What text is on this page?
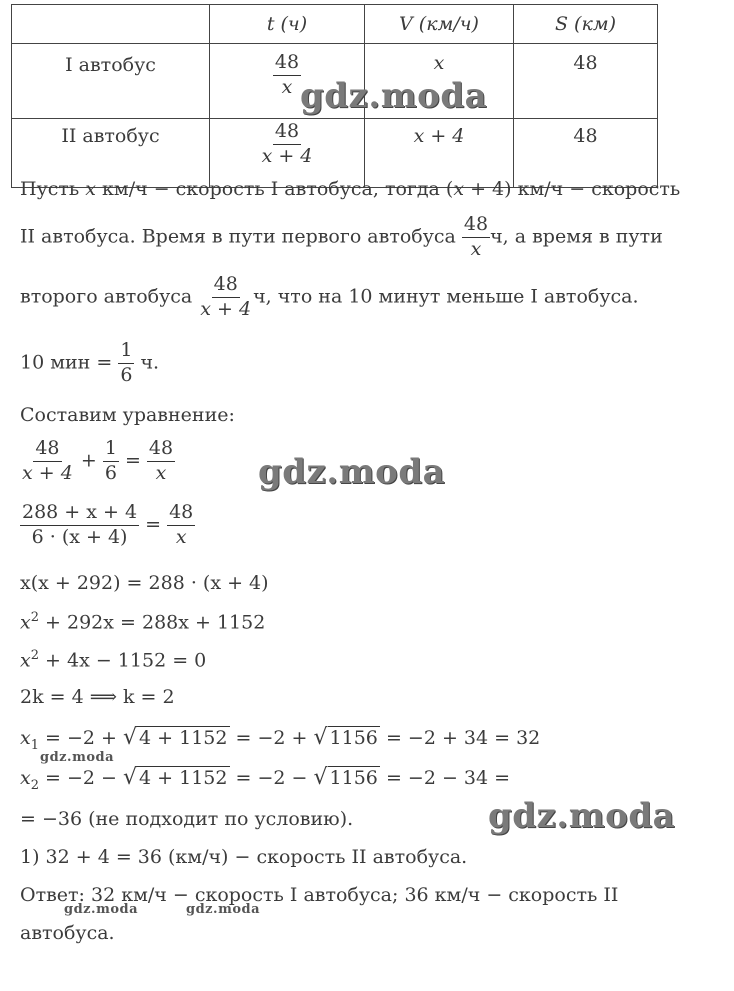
	t (ч)	V (км/ч)	S (км)
I автобус	$\frac{48}{x}$	x	48
II автобус	$\frac{48}{x + 4}$	x + 4	48
Пусть x км/ч − скорость I автобуса, тогда (x + 4) км/ч − скорость
II автобуса. Время в пути первого автобуса $\frac{48}{x} ч$, а время в пути
второго автобуса $\frac{48}{x + 4} ч$, что на 10 минут меньше I автобуса.
10 мин = $\frac{1}{6} ч$.
Составим уравнение:
$\frac{48}{x + 4} + \frac{1}{6} = \frac{48}{x}$
$\frac{288 + x + 4}{6 \cdot (x + 4)} = \frac{48}{x}$
x(x + 292) = 288 · (x + 4)
$x^2 + 292x = 288x + 1152$
$x^2 + 4x - 1152 = 0$
2k = 4 ⟹ k = 2
$x_1 = -2$ + √ 4 + 1152 = −2 + √ 1156 = −2 + 34 = 32
$x_2 = -2$ − √ 4 + 1152 = −2 − √ 1156 = −2 − 34 =
= −36 (не подходит по условию).
1) 32 + 4 = 36 (км/ч) − скорость II автобуса.
Ответ: 32 км/ч − скорость I автобуса; 36 км/ч − скорость II
автобуса.
gdz.moda
gdz.moda
gdz.moda
gdz.moda
gdz.moda	gdz.moda
